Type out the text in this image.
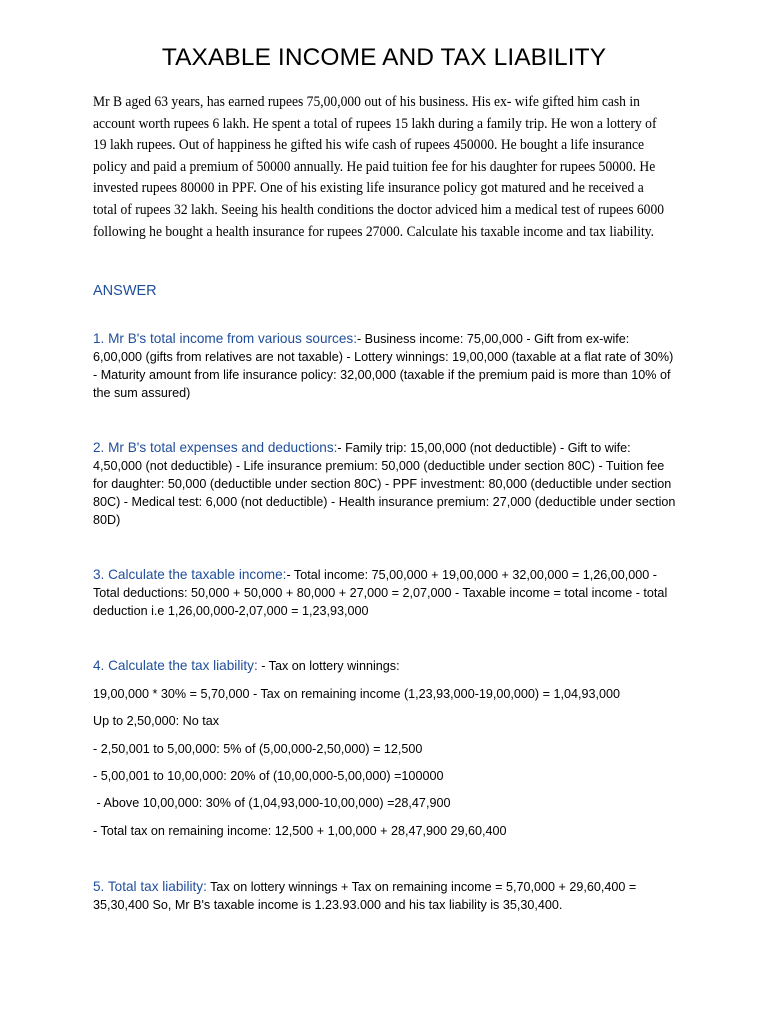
TAXABLE INCOME AND TAX LIABILITY
Mr B aged 63 years, has earned rupees 75,00,000 out of his business. His ex- wife gifted him cash in account worth rupees 6 lakh. He spent a total of rupees 15 lakh during a family trip. He won a lottery of 19 lakh rupees. Out of happiness he gifted his wife cash of rupees 450000. He bought a life insurance policy and paid a premium of 50000 annually. He paid tuition fee for his daughter for rupees 50000. He invested rupees 80000 in PPF. One of his existing life insurance policy got matured and he received a total of rupees 32 lakh. Seeing his health conditions the doctor adviced him a medical test of rupees 6000 following he bought a health insurance for rupees 27000. Calculate his taxable income and tax liability.
ANSWER
1. Mr B's total income from various sources:- Business income: 75,00,000 - Gift from ex-wife: 6,00,000 (gifts from relatives are not taxable) - Lottery winnings: 19,00,000 (taxable at a flat rate of 30%) - Maturity amount from life insurance policy: 32,00,000 (taxable if the premium paid is more than 10% of the sum assured)
2. Mr B's total expenses and deductions:- Family trip: 15,00,000 (not deductible) - Gift to wife: 4,50,000 (not deductible) - Life insurance premium: 50,000 (deductible under section 80C) - Tuition fee for daughter: 50,000 (deductible under section 80C) - PPF investment: 80,000 (deductible under section 80C) - Medical test: 6,000 (not deductible) - Health insurance premium: 27,000 (deductible under section 80D)
3. Calculate the taxable income:- Total income: 75,00,000 + 19,00,000 + 32,00,000 = 1,26,00,000 - Total deductions: 50,000 + 50,000 + 80,000 + 27,000 = 2,07,000 - Taxable income = total income - total deduction i.e 1,26,00,000-2,07,000 = 1,23,93,000
4. Calculate the tax liability: - Tax on lottery winnings:
19,00,000 * 30% = 5,70,000 - Tax on remaining income (1,23,93,000-19,00,000) = 1,04,93,000
Up to 2,50,000: No tax
- 2,50,001 to 5,00,000: 5% of (5,00,000-2,50,000) = 12,500
- 5,00,001 to 10,00,000: 20% of (10,00,000-5,00,000) =100000
- Above 10,00,000: 30% of (1,04,93,000-10,00,000) =28,47,900
- Total tax on remaining income: 12,500 + 1,00,000 + 28,47,900 29,60,400
5. Total tax liability: Tax on lottery winnings + Tax on remaining income = 5,70,000 + 29,60,400 = 35,30,400 So, Mr B's taxable income is 1.23.93.000 and his tax liability is 35,30,400.
